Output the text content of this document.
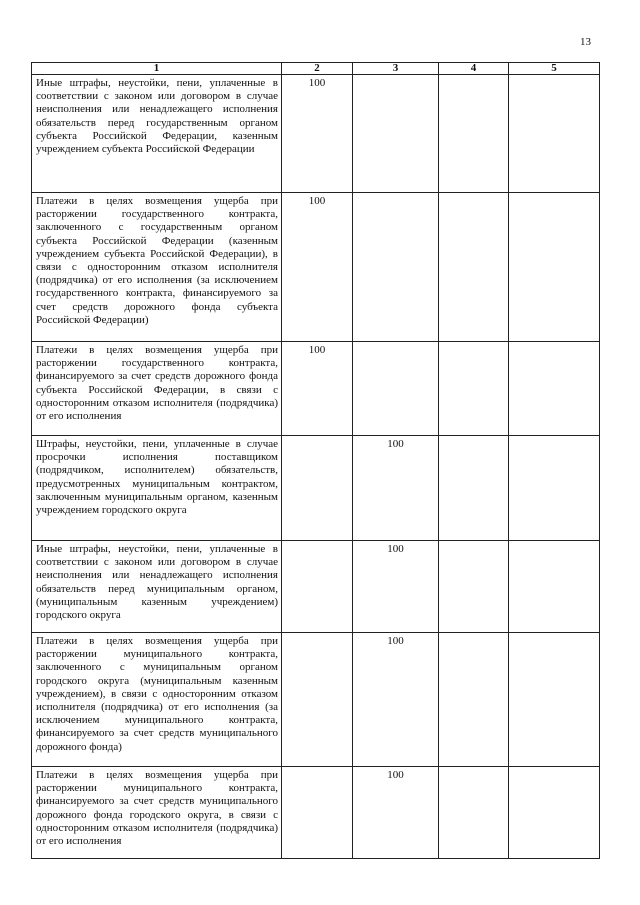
13
1	2	3	4	5
Иные штрафы, неустойки, пени, уплаченные в соответствии с законом или договором в случае неисполнения или ненадлежащего исполнения обязательств перед государственным органом субъекта Российской Федерации, казенным учреждением субъекта Российской Федерации	100			
Платежи в целях возмещения ущерба при расторжении государственного контракта, заключенного с государственным органом субъекта Российской Федерации (казенным учреждением субъекта Российской Федерации), в связи с односторонним отказом исполнителя (подрядчика) от его исполнения (за исключением государственного контракта, финансируемого за счет средств дорожного фонда субъекта Российской Федерации)	100			
Платежи в целях возмещения ущерба при расторжении государственного контракта, финансируемого за счет средств дорожного фонда субъекта Российской Федерации, в связи с односторонним отказом исполнителя (подрядчика) от его исполнения	100			
Штрафы, неустойки, пени, уплаченные в случае просрочки исполнения поставщиком (подрядчиком, исполнителем) обязательств, предусмотренных муниципальным контрактом, заключенным муниципальным органом, казенным учреждением городского округа		100		
Иные штрафы, неустойки, пени, уплаченные в соответствии с законом или договором в случае неисполнения или ненадлежащего исполнения обязательств перед муниципальным органом, (муниципальным казенным учреждением) городского округа		100		
Платежи в целях возмещения ущерба при расторжении муниципального контракта, заключенного с муниципальным органом городского округа (муниципальным казенным учреждением), в связи с односторонним отказом исполнителя (подрядчика) от его исполнения (за исключением муниципального контракта, финансируемого за счет средств муниципального дорожного фонда)		100		
Платежи в целях возмещения ущерба при расторжении муниципального контракта, финансируемого за счет средств муниципального дорожного фонда городского округа, в связи с односторонним отказом исполнителя (подрядчика) от его исполнения		100		
